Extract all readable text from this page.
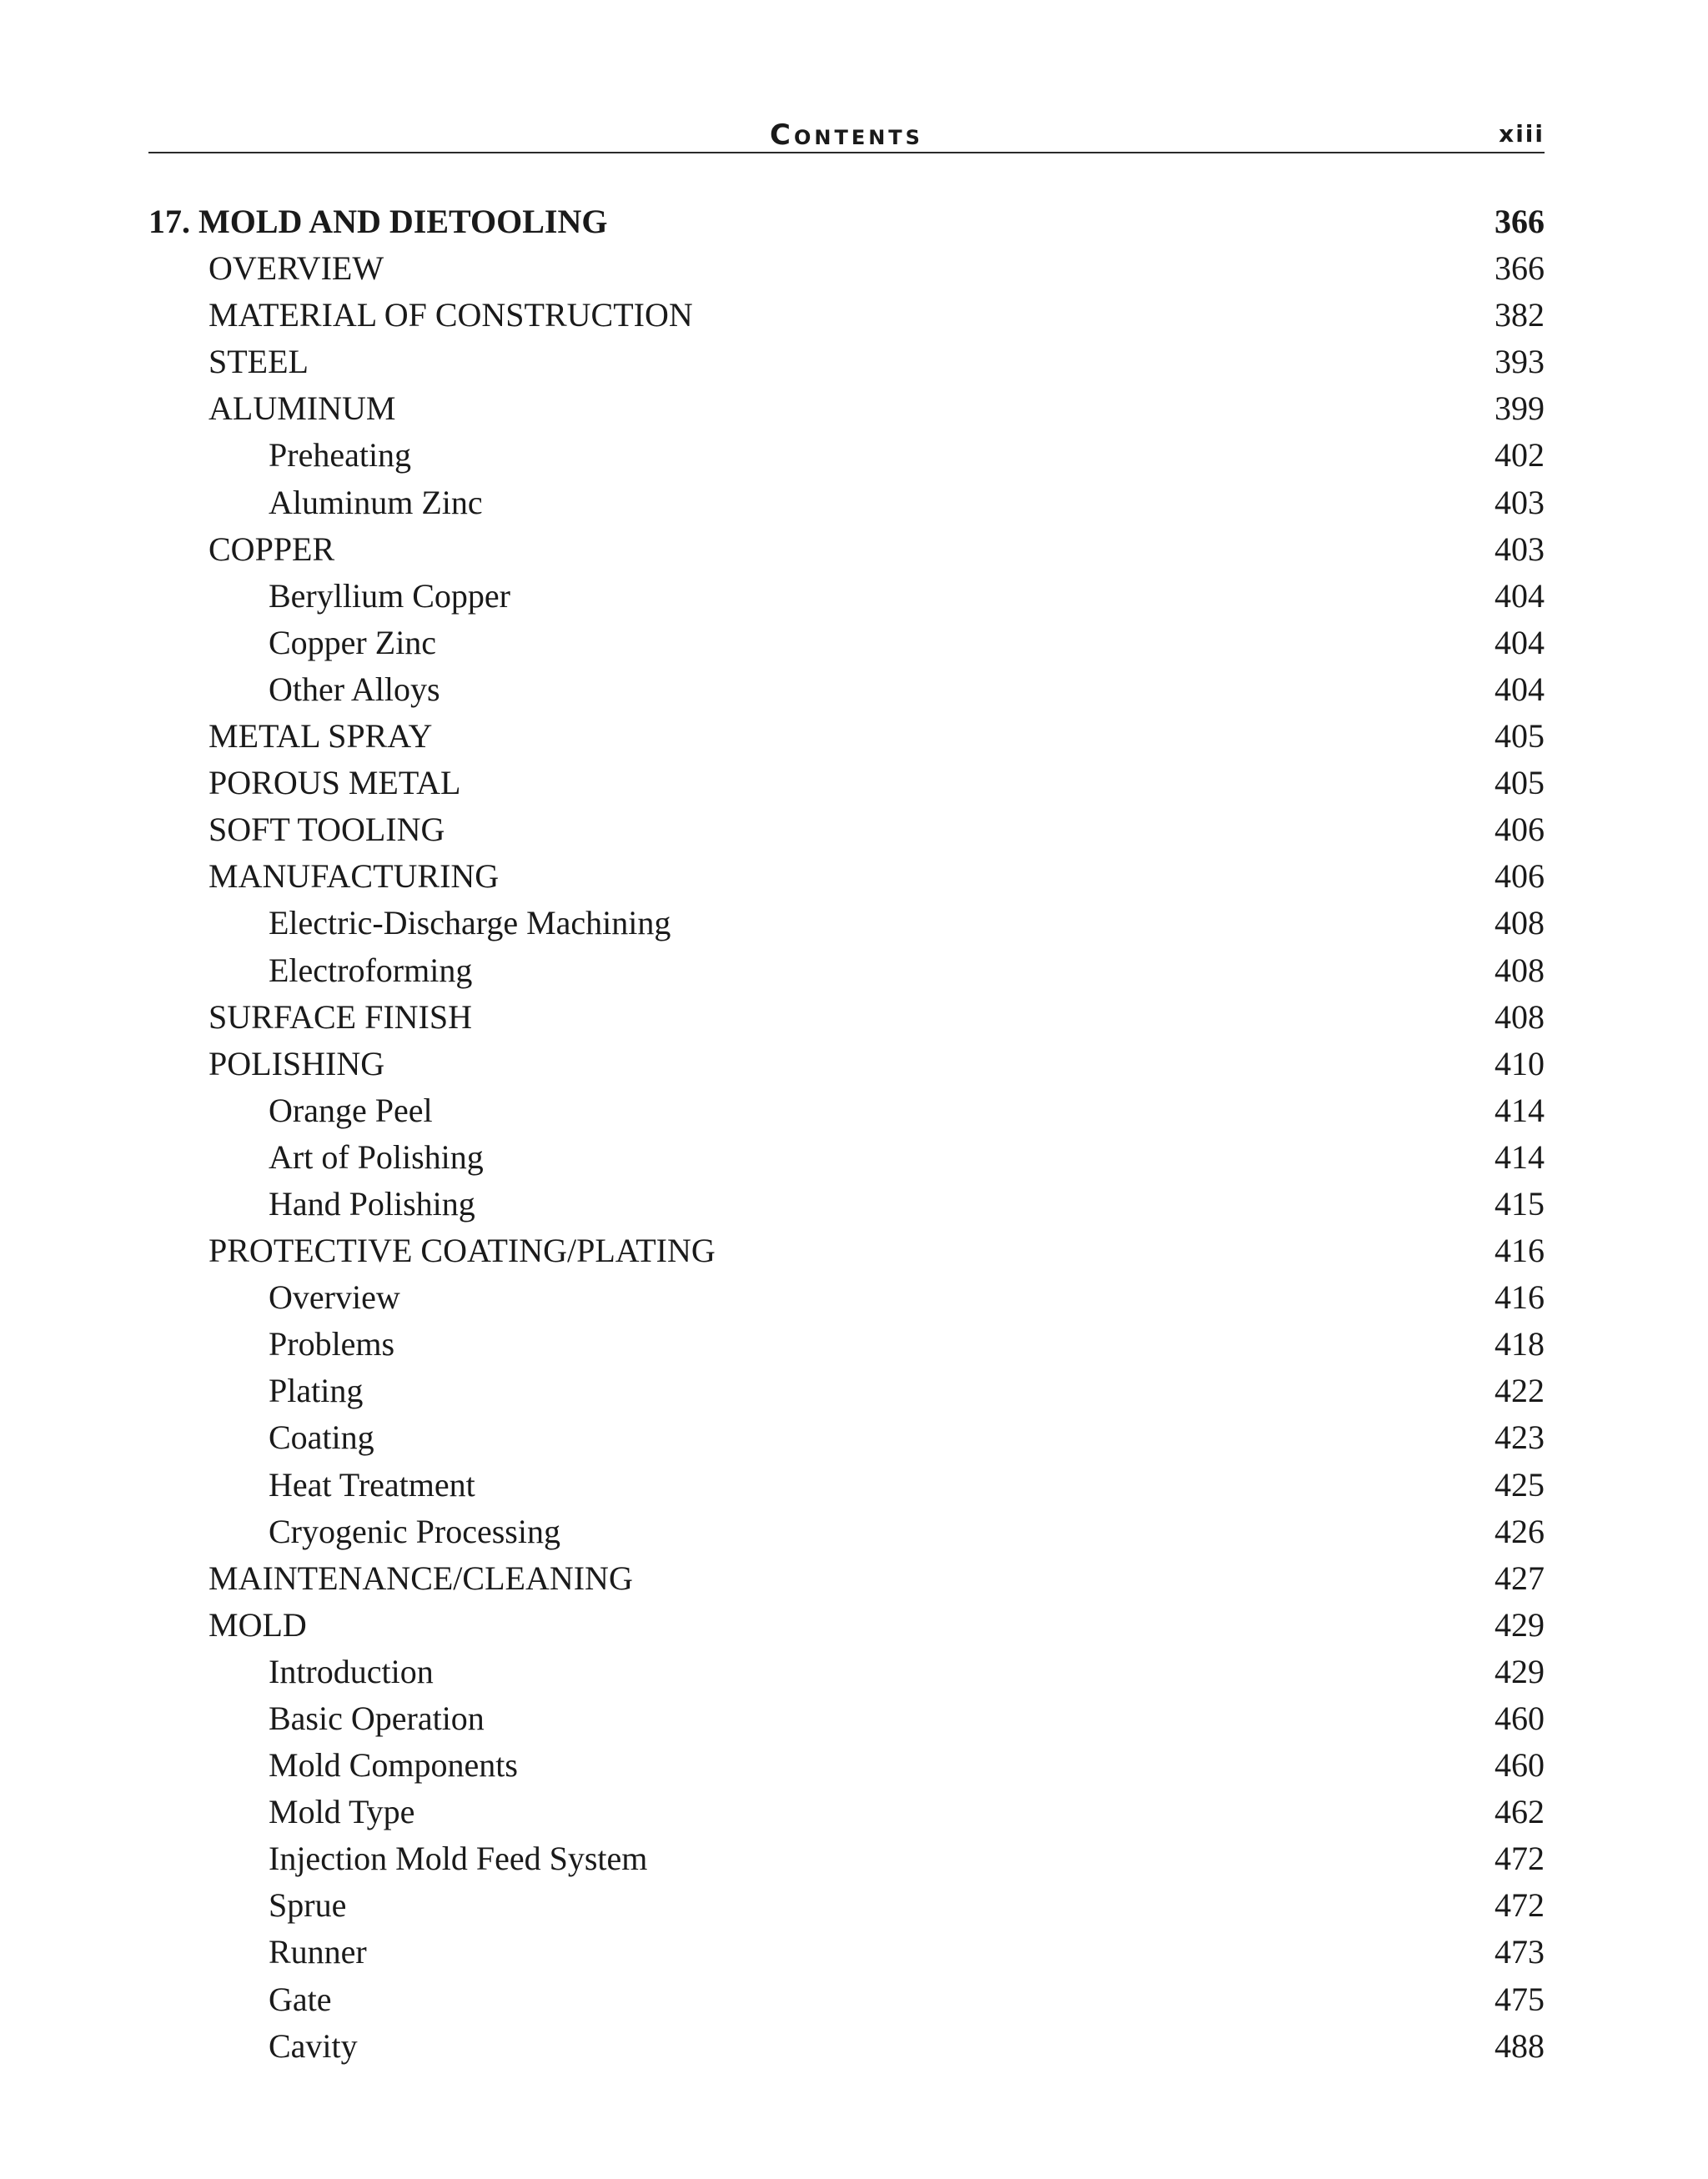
Contents	xiii
17. MOLD AND DIETOOLING	366
OVERVIEW	366
MATERIAL OF CONSTRUCTION	382
STEEL	393
ALUMINUM	399
Preheating	402
Aluminum Zinc	403
COPPER	403
Beryllium Copper	404
Copper Zinc	404
Other Alloys	404
METAL SPRAY	405
POROUS METAL	405
SOFT TOOLING	406
MANUFACTURING	406
Electric-Discharge Machining	408
Electroforming	408
SURFACE FINISH	408
POLISHING	410
Orange Peel	414
Art of Polishing	414
Hand Polishing	415
PROTECTIVE COATING/PLATING	416
Overview	416
Problems	418
Plating	422
Coating	423
Heat Treatment	425
Cryogenic Processing	426
MAINTENANCE/CLEANING	427
MOLD	429
Introduction	429
Basic Operation	460
Mold Components	460
Mold Type	462
Injection Mold Feed System	472
Sprue	472
Runner	473
Gate	475
Cavity	488
